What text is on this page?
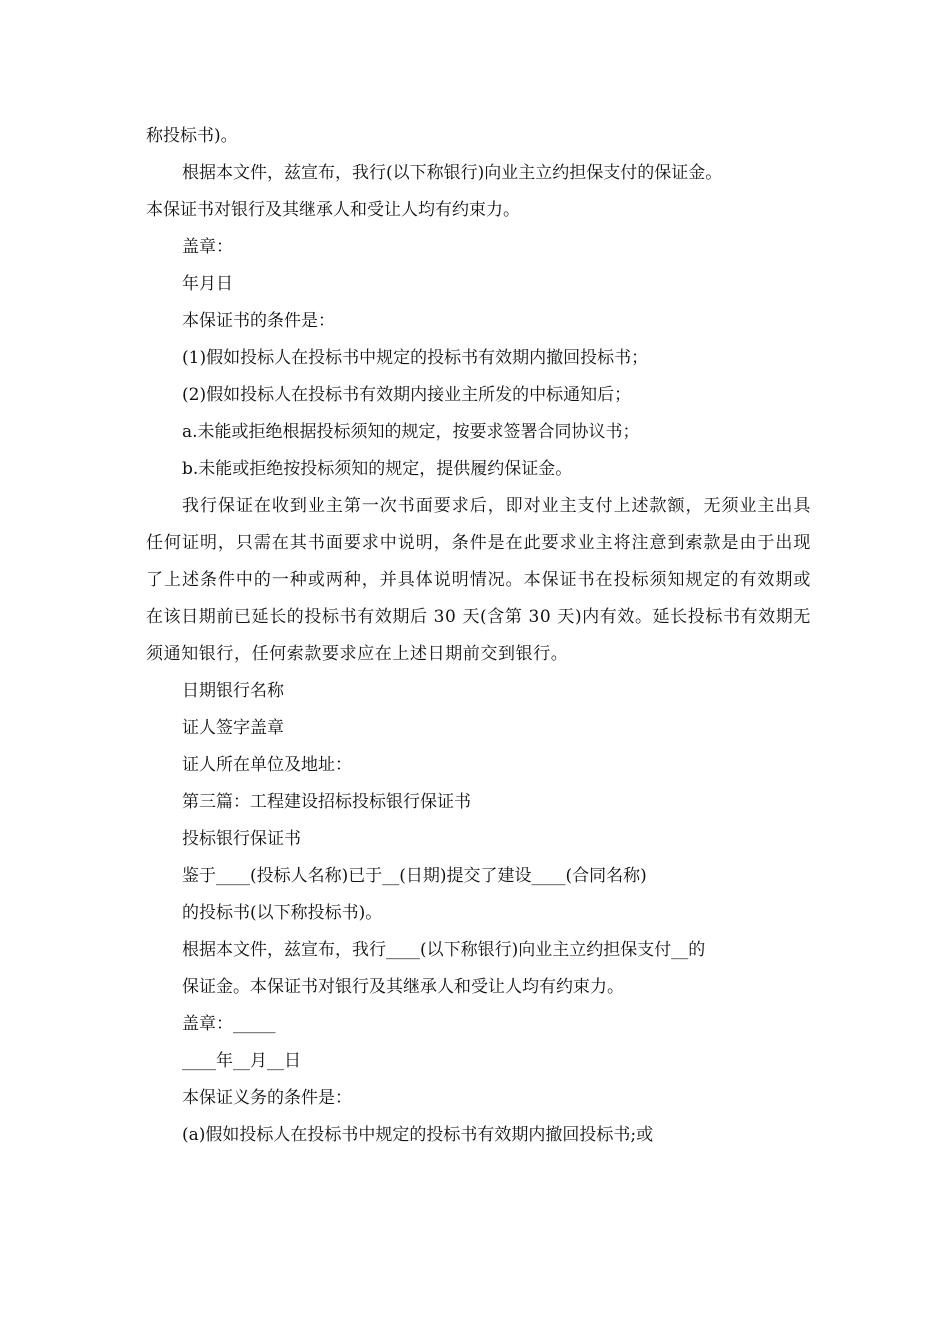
称投标书)。
根据本文件，兹宣布，我行(以下称银行)向业主立约担保支付的保证金。
本保证书对银行及其继承人和受让人均有约束力。
盖章：
年月日
本保证书的条件是：
(1)假如投标人在投标书中规定的投标书有效期内撤回投标书；
(2)假如投标人在投标书有效期内接业主所发的中标通知后；
a.未能或拒绝根据投标须知的规定，按要求签署合同协议书；
b.未能或拒绝按投标须知的规定，提供履约保证金。
我行保证在收到业主第一次书面要求后，即对业主支付上述款额，无须业主出具任何证明，只需在其书面要求中说明，条件是在此要求业主将注意到索款是由于出现了上述条件中的一种或两种，并具体说明情况。本保证书在投标须知规定的有效期或在该日期前已延长的投标书有效期后 30 天(含第 30 天)内有效。延长投标书有效期无须通知银行，任何索款要求应在上述日期前交到银行。
日期银行名称
证人签字盖章
证人所在单位及地址：
第三篇：工程建设招标投标银行保证书
投标银行保证书
鉴于____(投标人名称)已于__(日期)提交了建设____(合同名称)
的投标书(以下称投标书)。
根据本文件，兹宣布，我行____(以下称银行)向业主立约担保支付__的
保证金。本保证书对银行及其继承人和受让人均有约束力。
盖章：_____
____年__月__日
本保证义务的条件是：
(a)假如投标人在投标书中规定的投标书有效期内撤回投标书;或
